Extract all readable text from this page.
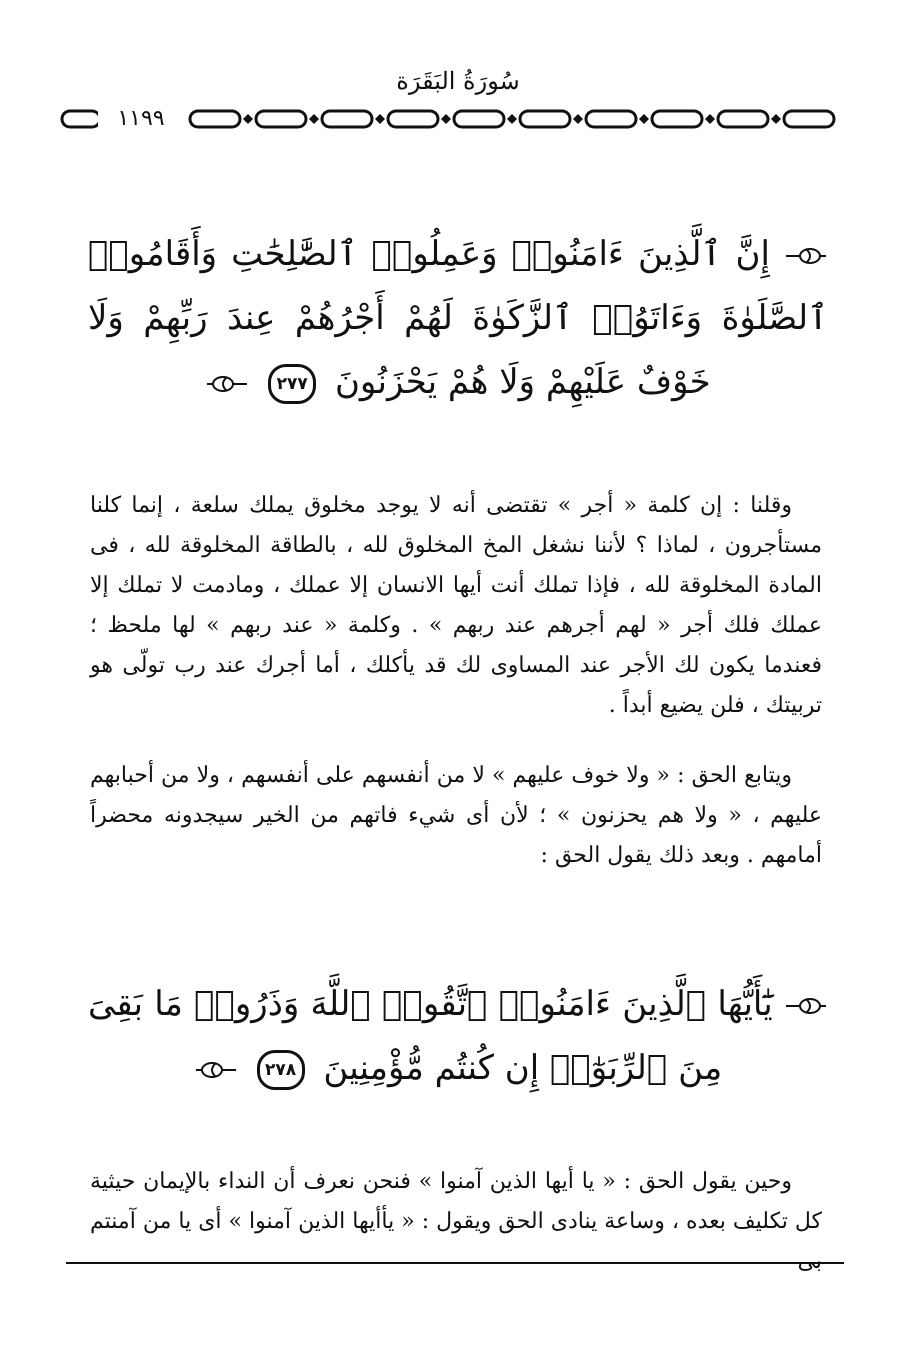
سُورَةُ البَقَرَة
١١٩٩
إِنَّ ٱلَّذِينَ ءَامَنُوا۟ وَعَمِلُوا۟ ٱلصَّٰلِحَٰتِ وَأَقَامُوا۟ ٱلصَّلَوٰةَ وَءَاتَوُا۟ ٱلزَّكَوٰةَ لَهُمْ أَجْرُهُمْ عِندَ رَبِّهِمْ وَلَا خَوْفٌ عَلَيْهِمْ وَلَا هُمْ يَحْزَنُونَ ٢٧٧

وقلنا : إن كلمة « أجر » تقتضى أنه لا يوجد مخلوق يملك سلعة ، إنما كلنا مستأجرون ، لماذا ؟ لأننا نشغل المخ المخلوق لله ، بالطاقة المخلوقة لله ، فى المادة المخلوقة لله ، فإذا تملك أنت أيها الانسان إلا عملك ، ومادمت لا تملك إلا عملك فلك أجر « لهم أجرهم عند ربهم » . وكلمة « عند ربهم » لها ملحظ ؛ فعندما يكون لك الأجر عند المساوى لك قد يأكلك ، أما أجرك عند رب تولّى هو تربيتك ، فلن يضيع أبداً .

ويتابع الحق : « ولا خوف عليهم » لا من أنفسهم على أنفسهم ، ولا من أحبابهم عليهم ، « ولا هم يحزنون » ؛ لأن أى شيء فاتهم من الخير سيجدونه محضراً أمامهم . وبعد ذلك يقول الحق :

يَٰٓأَيُّهَا ٱلَّذِينَ ءَامَنُوا۟ ٱتَّقُوا۟ ٱللَّهَ وَذَرُوا۟ مَا بَقِىَ مِنَ ٱلرِّبَوٰٓا۟ إِن كُنتُم مُّؤْمِنِينَ ٢٧٨

وحين يقول الحق : « يا أيها الذين آمنوا » فنحن نعرف أن النداء بالإيمان حيثية كل تكليف بعده ، وساعة ينادى الحق ويقول : « يأأيها الذين آمنوا » أى يا من آمنتم بى
